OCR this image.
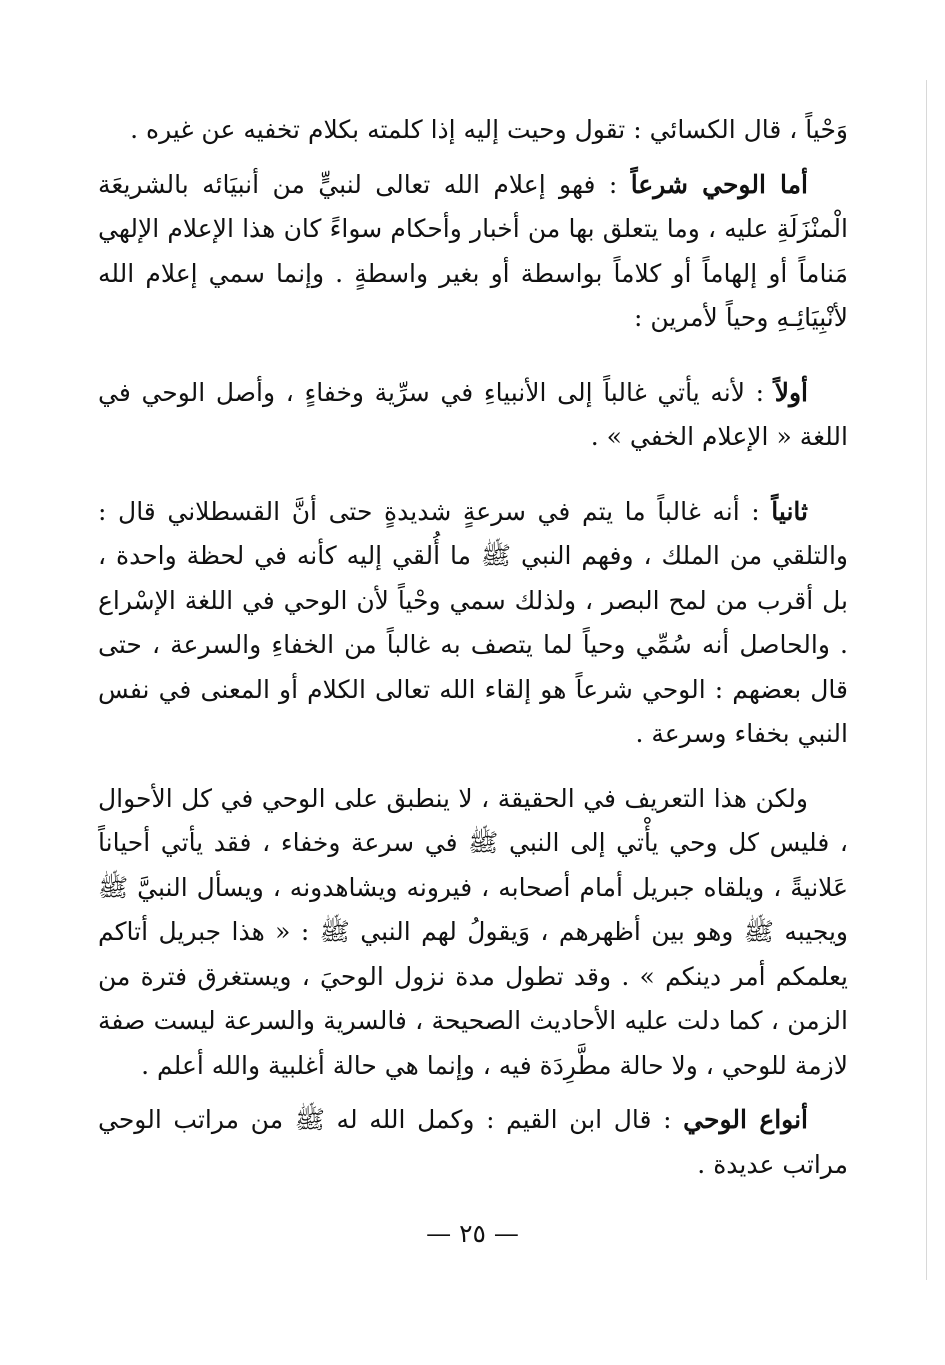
وَحْياً ، قال الكسائي : تقول وحيت إليه إذا كلمته بكلام تخفيه عن غيره .

أما الوحي شرعاً : فهو إعلام الله تعالى لنبيٍّ من أنبيَائه بالشريعَة الْمنْزَلَةِ عليه ، وما يتعلق بها من أخبار وأحكام سواءً كان هذا الإعلام الإلهي مَناماً أو إلهاماً أو كلاماً بواسطة أو بغير واسطةٍ . وإنما سمي إعلام الله لأنْبِيَائِـهِ وحياً لأمرين :

أولاً : لأنه يأتي غالباً إلى الأنبياءِ في سرِّية وخفاءٍ ، وأصل الوحي في اللغة « الإعلام الخفي » .

ثانياً : أنه غالباً ما يتم في سرعةٍ شديدةٍ حتى أنَّ القسطلاني قال : والتلقي من الملك ، وفهم النبي ﷺ ما أُلقي إليه كأنه في لحظة واحدة ، بل أقرب من لمح البصر ، ولذلك سمي وحْياً لأن الوحي في اللغة الإسْراع . والحاصل أنه سُمِّي وحياً لما يتصف به غالباً من الخفاءِ والسرعة ، حتى قال بعضهم : الوحي شرعاً هو إلقاء الله تعالى الكلام أو المعنى في نفس النبي بخفاء وسرعة .

ولكن هذا التعريف في الحقيقة ، لا ينطبق على الوحي في كل الأحوال ، فليس كل وحي يأْتي إلى النبي ﷺ في سرعة وخفاء ، فقد يأتي أحياناً عَلانيةً ، ويلقاه جبريل أمام أصحابه ، فيرونه ويشاهدونه ، ويسأل النبيَّ ﷺ ويجيبه ﷺ وهو بين أظهرهم ، وَيقولُ لهم النبي ﷺ : « هذا جبريل أتاكم يعلمكم أمر دينكم » . وقد تطول مدة نزول الوحيَ ، ويستغرق فترة من الزمن ، كما دلت عليه الأحاديث الصحيحة ، فالسرية والسرعة ليست صفة لازمة للوحي ، ولا حالة مطَّرِدَة فيه ، وإنما هي حالة أغلبية والله أعلم .

أنواع الوحي : قال ابن القيم : وكمل الله له ﷺ من مراتب الوحي مراتب عديدة .

— ٢٥ —
